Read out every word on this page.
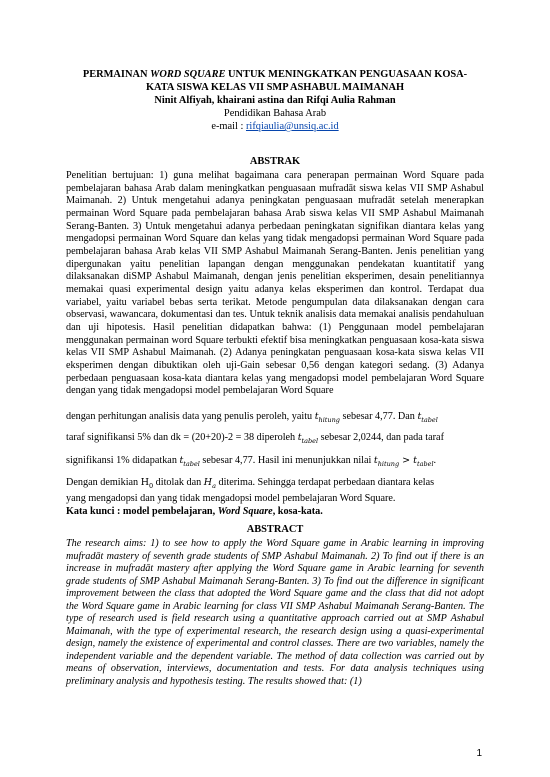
PERMAINAN WORD SQUARE UNTUK MENINGKATKAN PENGUASAAN KOSA-
KATA SISWA KELAS VII SMP ASHABUL MAIMANAH
Ninit Alfiyah, khairani astina dan Rifqi Aulia Rahman
Pendidikan Bahasa Arab
e-mail : rifqiaulia@unsiq.ac.id
ABSTRAK

Penelitian bertujuan: 1) guna melihat bagaimana cara penerapan permainan Word Square pada pembelajaran bahasa Arab dalam meningkatkan penguasaan mufradāt siswa kelas VII SMP Ashabul Maimanah. 2) Untuk mengetahui adanya peningkatan penguasaan mufradāt setelah menerapkan permainan Word Square pada pembelajaran bahasa Arab siswa kelas VII SMP Ashabul Maimanah Serang-Banten. 3) Untuk mengetahui adanya perbedaan peningkatan signifikan diantara kelas yang mengadopsi permainan Word Square dan kelas yang tidak mengadopsi permainan Word Square pada pembelajaran bahasa Arab kelas VII SMP Ashabul Maimanah Serang-Banten. Jenis penelitian yang dipergunakan yaitu penelitian lapangan dengan menggunakan pendekatan kuantitatif yang dilaksanakan diSMP Ashabul Maimanah, dengan jenis penelitian eksperimen, desain penelitiannya memakai quasi experimental design yaitu adanya kelas eksperimen dan kontrol. Terdapat dua variabel, yaitu variabel bebas serta terikat. Metode pengumpulan data dilaksanakan dengan cara observasi, wawancara, dokumentasi dan tes. Untuk teknik analisis data memakai analisis pendahuluan dan uji hipotesis. Hasil penelitian didapatkan bahwa: (1) Penggunaan model pembelajaran menggunakan permainan word Square terbukti efektif bisa meningkatkan penguasaan kosa-kata siswa kelas VII SMP Ashabul Maimanah. (2) Adanya peningkatan penguasaan kosa-kata siswa kelas VII eksperimen dengan dibuktikan oleh uji-Gain sebesar 0,56 dengan kategori sedang. (3) Adanya perbedaan penguasaan kosa-kata diantara kelas yang mengadopsi model pembelajaran Word Square dengan yang tidak mengadopsi model pembelajaran Word Square

dengan perhitungan analisis data yang penulis peroleh, yaitu $t_{hitung}$ sebesar 4,77. Dan $t_{tabel}$
taraf signifikansi 5% dan dk = (20+20)-2 = 38 diperoleh $t_{tabel}$ sebesar 2,0244, dan pada taraf
signifikansi 1% didapatkan $t_{tabel}$ sebesar 4,77. Hasil ini menunjukkan nilai $t_{hitung} > t_{tabel}$.
Dengan demikian $H_0$ ditolak dan $H_a$ diterima. Sehingga terdapat perbedaan diantara kelas
yang mengadopsi dan yang tidak mengadopsi model pembelajaran Word Square.
Kata kunci : model pembelajaran, Word Square, kosa-kata.
ABSTRACT
The research aims: 1) to see how to apply the Word Square game in Arabic learning in improving mufradāt mastery of seventh grade students of SMP Ashabul Maimanah. 2) To find out if there is an increase in mufradāt mastery after applying the Word Square game in Arabic learning for seventh grade students of SMP Ashabul Maimanah Serang-Banten. 3) To find out the difference in significant improvement between the class that adopted the Word Square game and the class that did not adopt the Word Square game in Arabic learning for class VII SMP Ashabul Maimanah Serang-Banten. The type of research used is field research using a quantitative approach carried out at SMP Ashabul Maimanah, with the type of experimental research, the research design using a quasi-experimental design, namely the existence of experimental and control classes. There are two variables, namely the independent variable and the dependent variable. The method of data collection was carried out by means of observation, interviews, documentation and tests. For data analysis techniques using preliminary analysis and hypothesis testing. The results showed that: (1)
1
